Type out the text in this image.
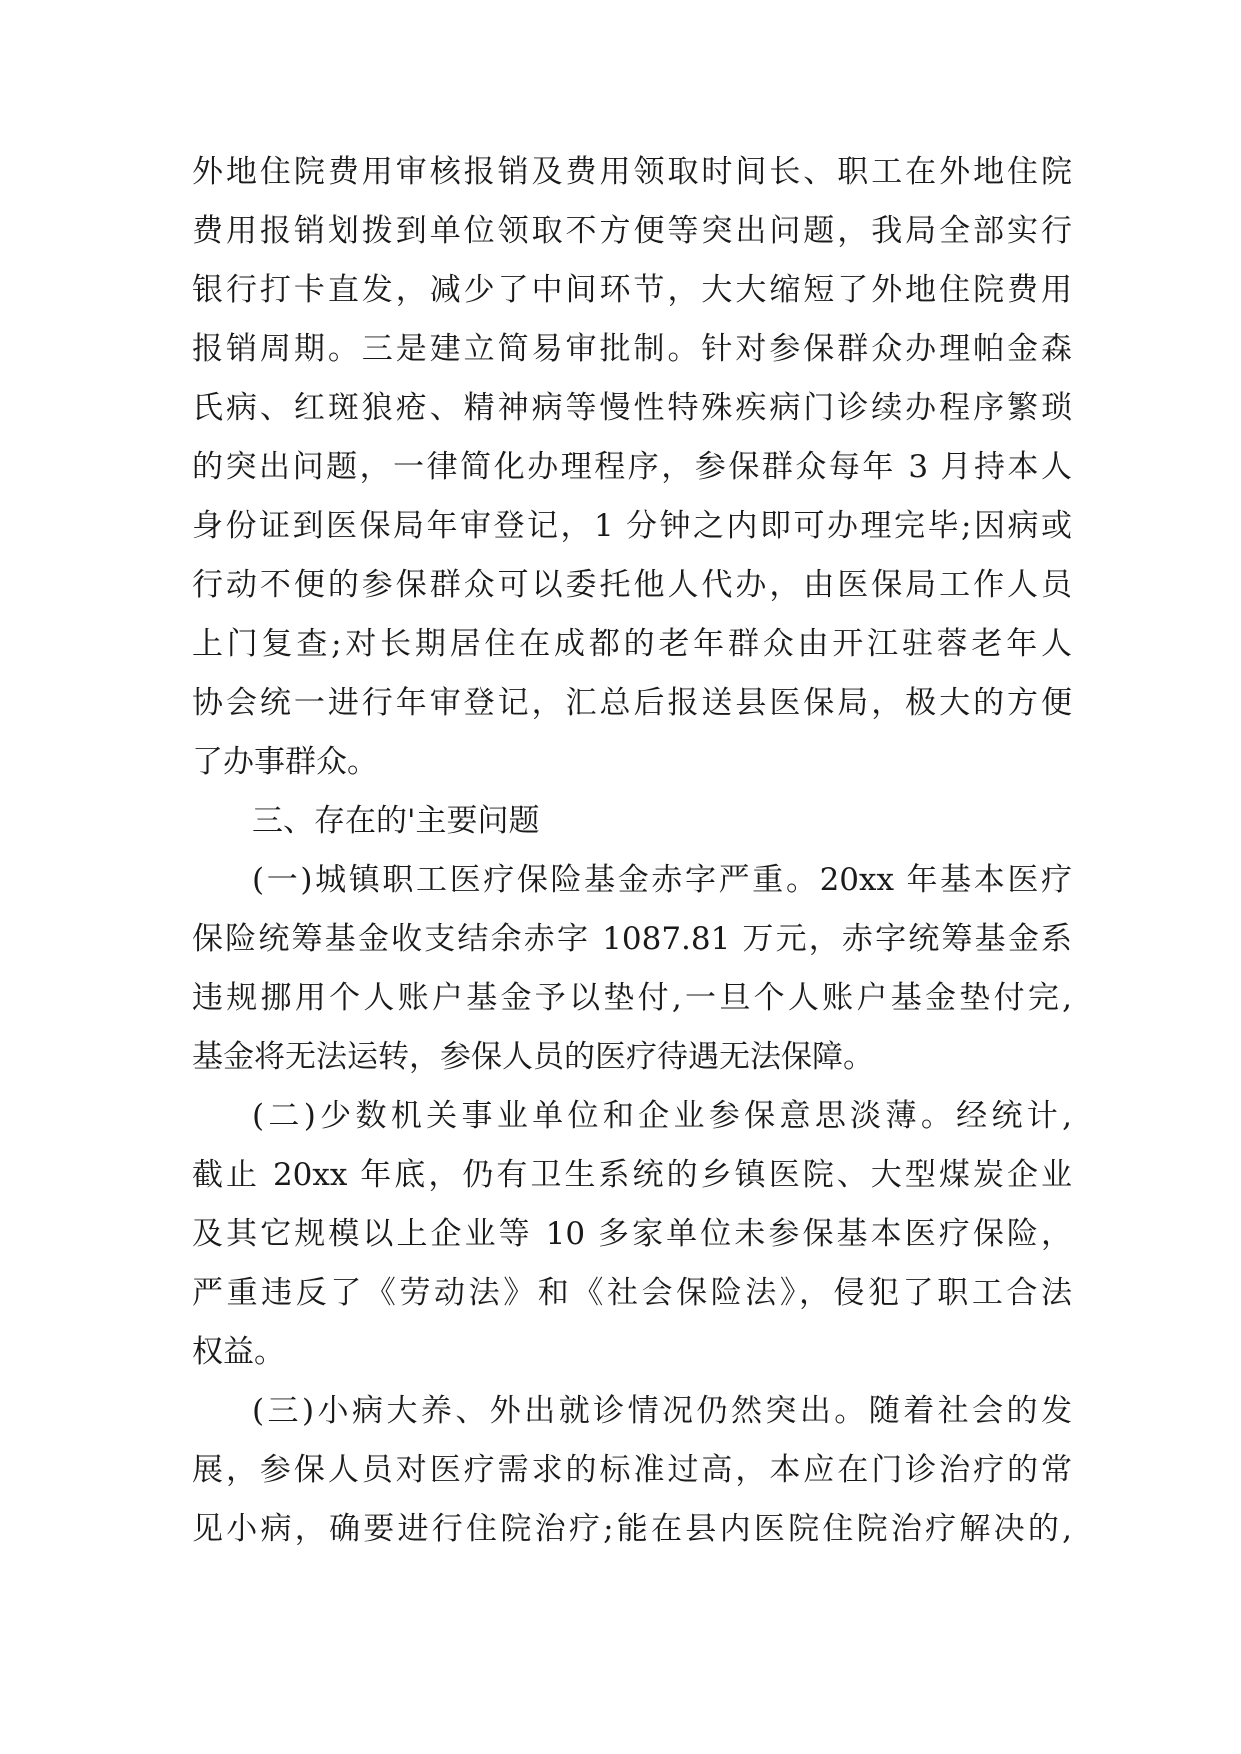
外地住院费用审核报销及费用领取时间长、职工在外地住院
费用报销划拨到单位领取不方便等突出问题，我局全部实行
银行打卡直发，减少了中间环节，大大缩短了外地住院费用
报销周期。三是建立简易审批制。针对参保群众办理帕金森
氏病、红斑狼疮、精神病等慢性特殊疾病门诊续办程序繁琐
的突出问题，一律简化办理程序，参保群众每年 3 月持本人
身份证到医保局年审登记，1 分钟之内即可办理完毕;因病或
行动不便的参保群众可以委托他人代办，由医保局工作人员
上门复查;对长期居住在成都的老年群众由开江驻蓉老年人
协会统一进行年审登记，汇总后报送县医保局，极大的方便
了办事群众。
三、存在的'主要问题
(一)城镇职工医疗保险基金赤字严重。20xx 年基本医疗
保险统筹基金收支结余赤字 1087.81 万元，赤字统筹基金系
违规挪用个人账户基金予以垫付,一旦个人账户基金垫付完,
基金将无法运转，参保人员的医疗待遇无法保障。
(二)少数机关事业单位和企业参保意思淡薄。经统计,
截止 20xx 年底，仍有卫生系统的乡镇医院、大型煤炭企业
及其它规模以上企业等 10 多家单位未参保基本医疗保险，
严重违反了《劳动法》和《社会保险法》，侵犯了职工合法
权益。
(三)小病大养、外出就诊情况仍然突出。随着社会的发
展，参保人员对医疗需求的标准过高，本应在门诊治疗的常
见小病，确要进行住院治疗;能在县内医院住院治疗解决的,
